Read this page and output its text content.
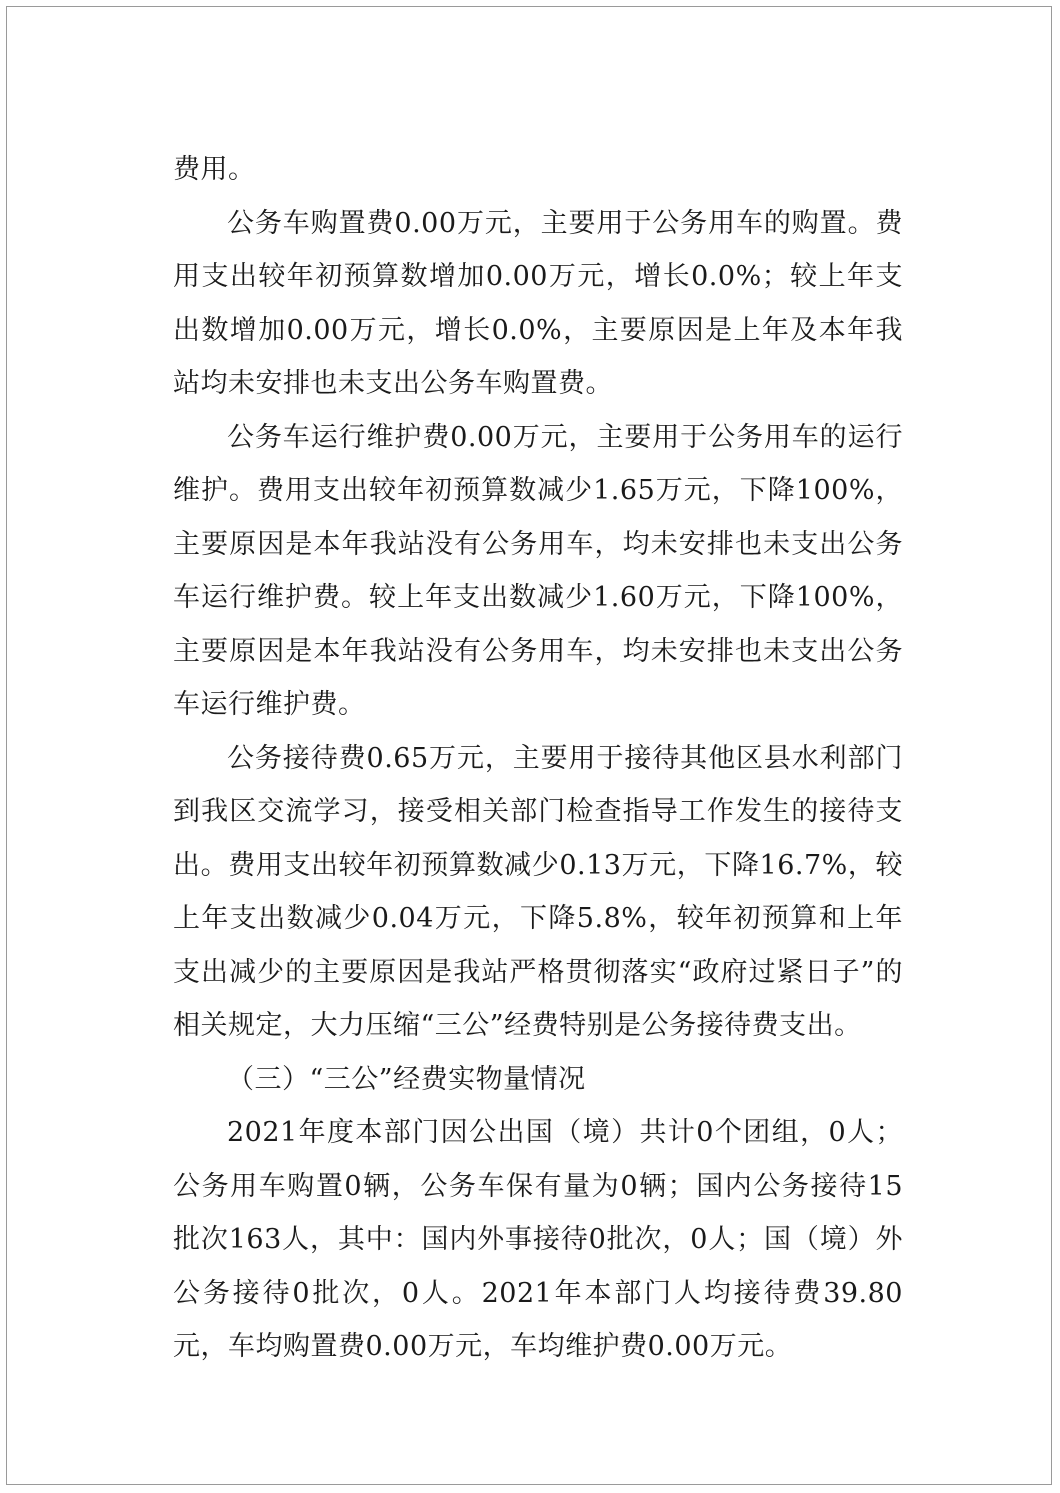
费用。

公务车购置费0.00万元，主要用于公务用车的购置。费用支出较年初预算数增加0.00万元，增长0.0%；较上年支出数增加0.00万元，增长0.0%，主要原因是上年及本年我站均未安排也未支出公务车购置费。

公务车运行维护费0.00万元，主要用于公务用车的运行维护。费用支出较年初预算数减少1.65万元，下降100%，主要原因是本年我站没有公务用车，均未安排也未支出公务车运行维护费。较上年支出数减少1.60万元，下降100%，主要原因是本年我站没有公务用车，均未安排也未支出公务车运行维护费。

公务接待费0.65万元，主要用于接待其他区县水利部门到我区交流学习，接受相关部门检查指导工作发生的接待支出。费用支出较年初预算数减少0.13万元，下降16.7%，较上年支出数减少0.04万元，下降5.8%，较年初预算和上年支出减少的主要原因是我站严格贯彻落实“政府过紧日子”的相关规定，大力压缩“三公”经费特别是公务接待费支出。

（三）“三公”经费实物量情况

2021年度本部门因公出国（境）共计0个团组，0人；公务用车购置0辆，公务车保有量为0辆；国内公务接待15批次163人，其中：国内外事接待0批次，0人；国（境）外公务接待0批次，0人。2021年本部门人均接待费39.80元，车均购置费0.00万元，车均维护费0.00万元。
